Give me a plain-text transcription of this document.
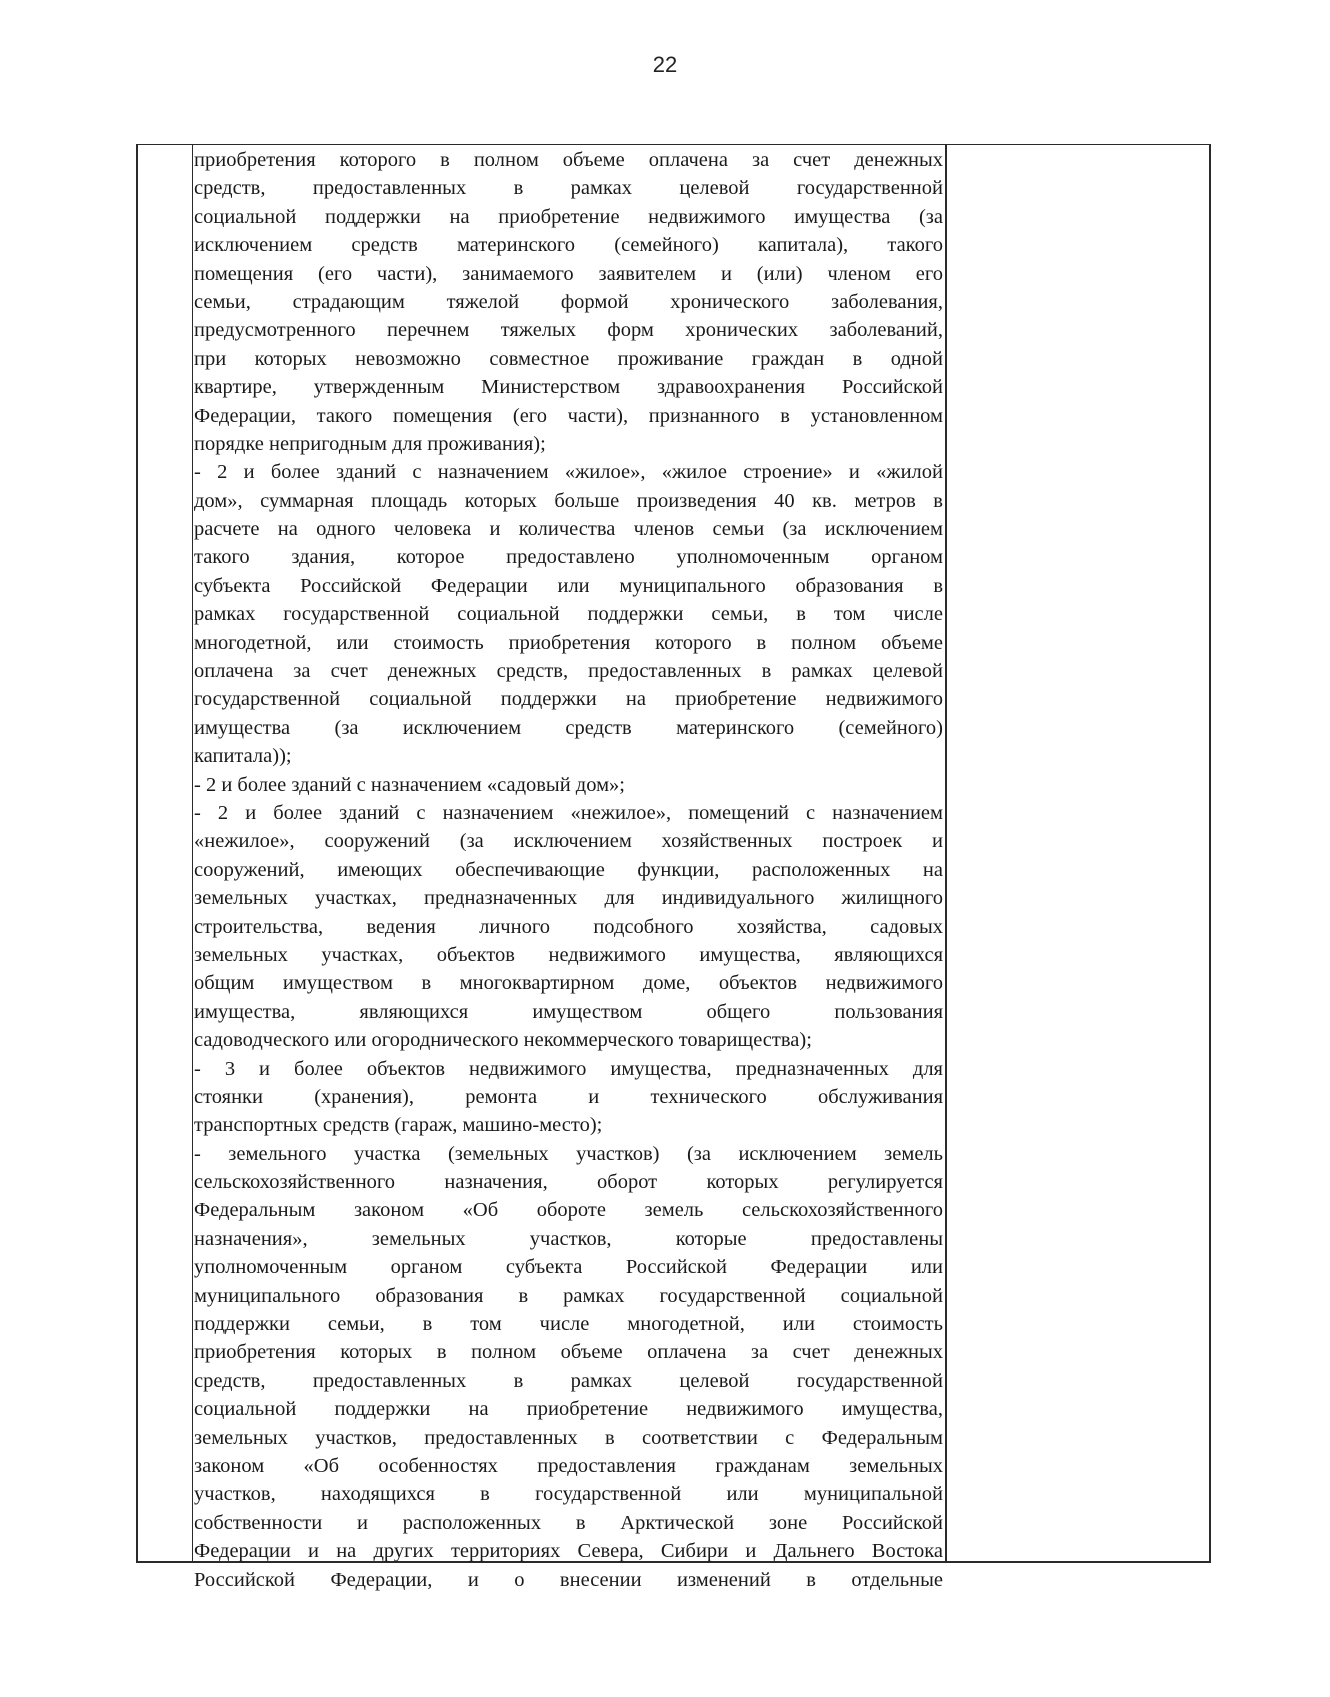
22
приобретения которого в полном объеме оплачена за счет денежных
средств, предоставленных в рамках целевой государственной
социальной поддержки на приобретение недвижимого имущества (за
исключением средств материнского (семейного) капитала), такого
помещения (его части), занимаемого заявителем и (или) членом его
семьи, страдающим тяжелой формой хронического заболевания,
предусмотренного перечнем тяжелых форм хронических заболеваний,
при которых невозможно совместное проживание граждан в одной
квартире, утвержденным Министерством здравоохранения Российской
Федерации, такого помещения (его части), признанного в установленном
порядке непригодным для проживания);
- 2 и более зданий с назначением «жилое», «жилое строение» и «жилой
дом», суммарная площадь которых больше произведения 40 кв. метров в
расчете на одного человека и количества членов семьи (за исключением
такого здания, которое предоставлено уполномоченным органом
субъекта Российской Федерации или муниципального образования в
рамках государственной социальной поддержки семьи, в том числе
многодетной, или стоимость приобретения которого в полном объеме
оплачена за счет денежных средств, предоставленных в рамках целевой
государственной социальной поддержки на приобретение недвижимого
имущества (за исключением средств материнского (семейного)
капитала));
- 2 и более зданий с назначением «садовый дом»;
- 2 и более зданий с назначением «нежилое», помещений с назначением
«нежилое», сооружений (за исключением хозяйственных построек и
сооружений, имеющих обеспечивающие функции, расположенных на
земельных участках, предназначенных для индивидуального жилищного
строительства, ведения личного подсобного хозяйства, садовых
земельных участках, объектов недвижимого имущества, являющихся
общим имуществом в многоквартирном доме, объектов недвижимого
имущества, являющихся имуществом общего пользования
садоводческого или огороднического некоммерческого товарищества);
- 3 и более объектов недвижимого имущества, предназначенных для
стоянки (хранения), ремонта и технического обслуживания
транспортных средств (гараж, машино-место);
- земельного участка (земельных участков) (за исключением земель
сельскохозяйственного назначения, оборот которых регулируется
Федеральным законом «Об обороте земель сельскохозяйственного
назначения», земельных участков, которые предоставлены
уполномоченным органом субъекта Российской Федерации или
муниципального образования в рамках государственной социальной
поддержки семьи, в том числе многодетной, или стоимость
приобретения которых в полном объеме оплачена за счет денежных
средств, предоставленных в рамках целевой государственной
социальной поддержки на приобретение недвижимого имущества,
земельных участков, предоставленных в соответствии с Федеральным
законом «Об особенностях предоставления гражданам земельных
участков, находящихся в государственной или муниципальной
собственности и расположенных в Арктической зоне Российской
Федерации и на других территориях Севера, Сибири и Дальнего Востока
Российской Федерации, и о внесении изменений в отдельные
